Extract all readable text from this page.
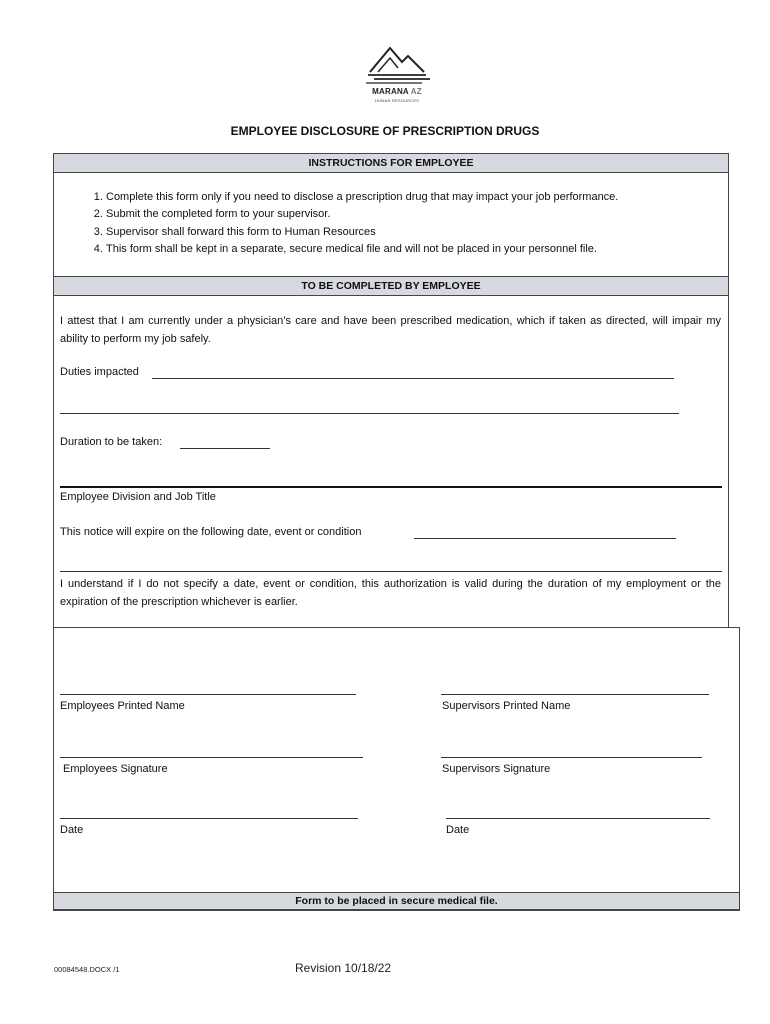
MARANA AZ
HUMAN RESOURCES
EMPLOYEE DISCLOSURE OF PRESCRIPTION DRUGS
INSTRUCTIONS FOR EMPLOYEE
TO BE COMPLETED BY EMPLOYEE
1. Complete this form only if you need to disclose a prescription drug that may impact your job performance.
2. Submit the completed form to your supervisor.
3. Supervisor shall forward this form to Human Resources
4. This form shall be kept in a separate, secure medical file and will not be placed in your personnel file.
I attest that I am currently under a physician’s care and have been prescribed medication, which if taken as directed, will impair my ability to perform my job safely.
Duties impacted
Duration to be taken:
Employee Division and Job Title
This notice will expire on the following date, event or condition
I understand if I do not specify a date, event or condition, this authorization is valid during the duration of my employment or the expiration of the prescription whichever is earlier.
Employees Printed Name	Supervisors Printed Name
Employees Signature	Supervisors Signature
Date	Date
Form to be placed in secure medical file.
00084548.DOCX /1	Revision 10/18/22
